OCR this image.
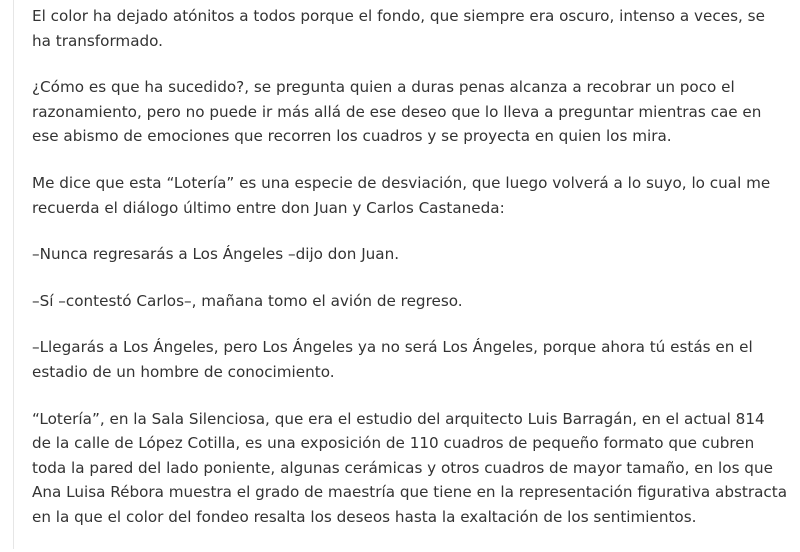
El color ha dejado atónitos a todos porque el fondo, que siempre era oscuro, intenso a veces, se ha transformado.

¿Cómo es que ha sucedido?, se pregunta quien a duras penas alcanza a recobrar un poco el razonamiento, pero no puede ir más allá de ese deseo que lo lleva a preguntar mientras cae en ese abismo de emociones que recorren los cuadros y se proyecta en quien los mira.

Me dice que esta “Lotería” es una especie de desviación, que luego volverá a lo suyo, lo cual me recuerda el diálogo último entre don Juan y Carlos Castaneda:

–Nunca regresarás a Los Ángeles –dijo don Juan.

–Sí –contestó Carlos–, mañana tomo el avión de regreso.

–Llegarás a Los Ángeles, pero Los Ángeles ya no será Los Ángeles, porque ahora tú estás en el estadio de un hombre de conocimiento.

“Lotería”, en la Sala Silenciosa, que era el estudio del arquitecto Luis Barragán, en el actual 814 de la calle de López Cotilla, es una exposición de 110 cuadros de pequeño formato que cubren toda la pared del lado poniente, algunas cerámicas y otros cuadros de mayor tamaño, en los que Ana Luisa Rébora muestra el grado de maestría que tiene en la representación figurativa abstracta en la que el color del fondeo resalta los deseos hasta la exaltación de los sentimientos.
